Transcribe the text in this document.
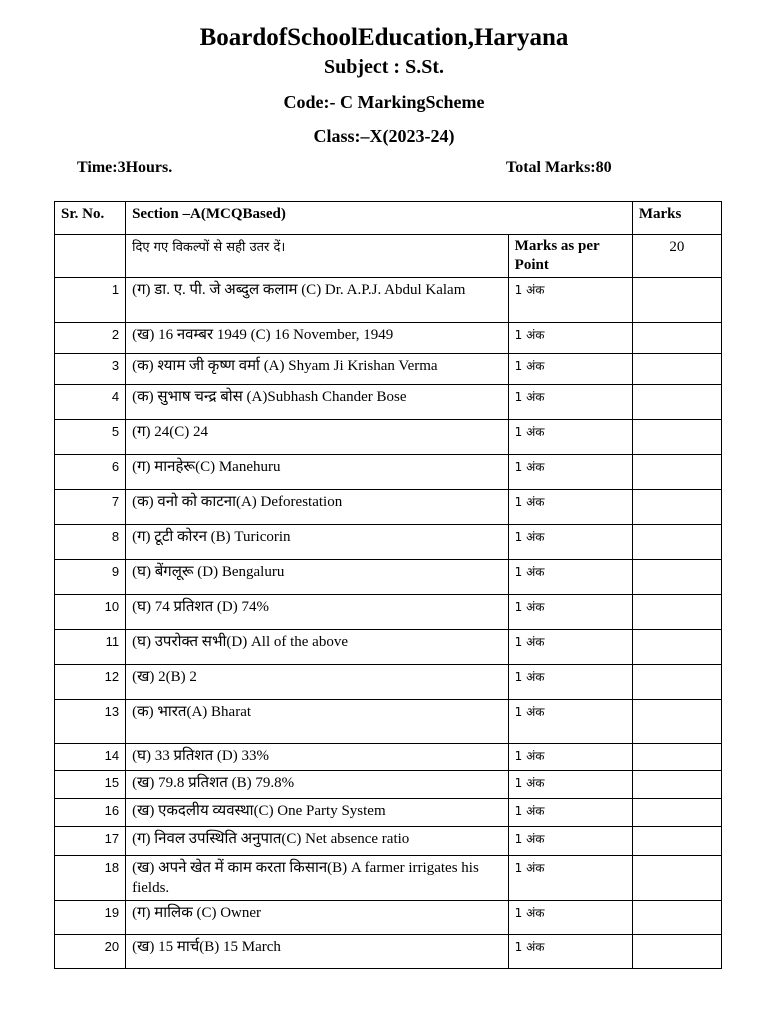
BoardofSchoolEducation,Haryana
Subject : S.St.
Code:- C MarkingScheme
Class:–X(2023-24)
Time:3Hours.	Total Marks:80
Sr. No.	Section –A(MCQBased)		Marks
	दिए गए विकल्पों से सही उतर दें।	Marks as per Point	20
1	(ग) डा. ए. पी. जे अब्दुल कलाम (C) Dr. A.P.J. Abdul Kalam	1 अंक	
2	(ख) 16 नवम्बर 1949 (C) 16 November, 1949	1 अंक	
3	(क) श्याम जी कृष्ण वर्मा (A) Shyam Ji Krishan Verma	1 अंक	
4	(क) सुभाष चन्द्र बोस (A)Subhash Chander Bose	1 अंक	
5	(ग) 24(C) 24	1 अंक	
6	(ग) मानहेरू(C) Manehuru	1 अंक	
7	(क) वनो को काटना(A) Deforestation	1 अंक	
8	(ग) टूटी कोरन (B) Turicorin	1 अंक	
9	(घ) बेंगलूरू (D) Bengaluru	1 अंक	
10	(घ) 74 प्रतिशत (D) 74%	1 अंक	
11	(घ) उपरोक्त सभी(D) All of the above	1 अंक	
12	(ख) 2(B) 2	1 अंक	
13	(क) भारत(A) Bharat	1 अंक	
14	(घ) 33 प्रतिशत (D) 33%	1 अंक	
15	(ख) 79.8 प्रतिशत (B) 79.8%	1 अंक	
16	(ख) एकदलीय व्यवस्था(C) One Party System	1 अंक	
17	(ग) निवल उपस्थिति अनुपात(C) Net absence ratio	1 अंक	
18	(ख) अपने खेत में काम करता किसान(B) A farmer irrigates his fields.	1 अंक	
19	(ग) मालिक (C) Owner	1 अंक	
20	(ख) 15 मार्च(B) 15 March	1 अंक	
